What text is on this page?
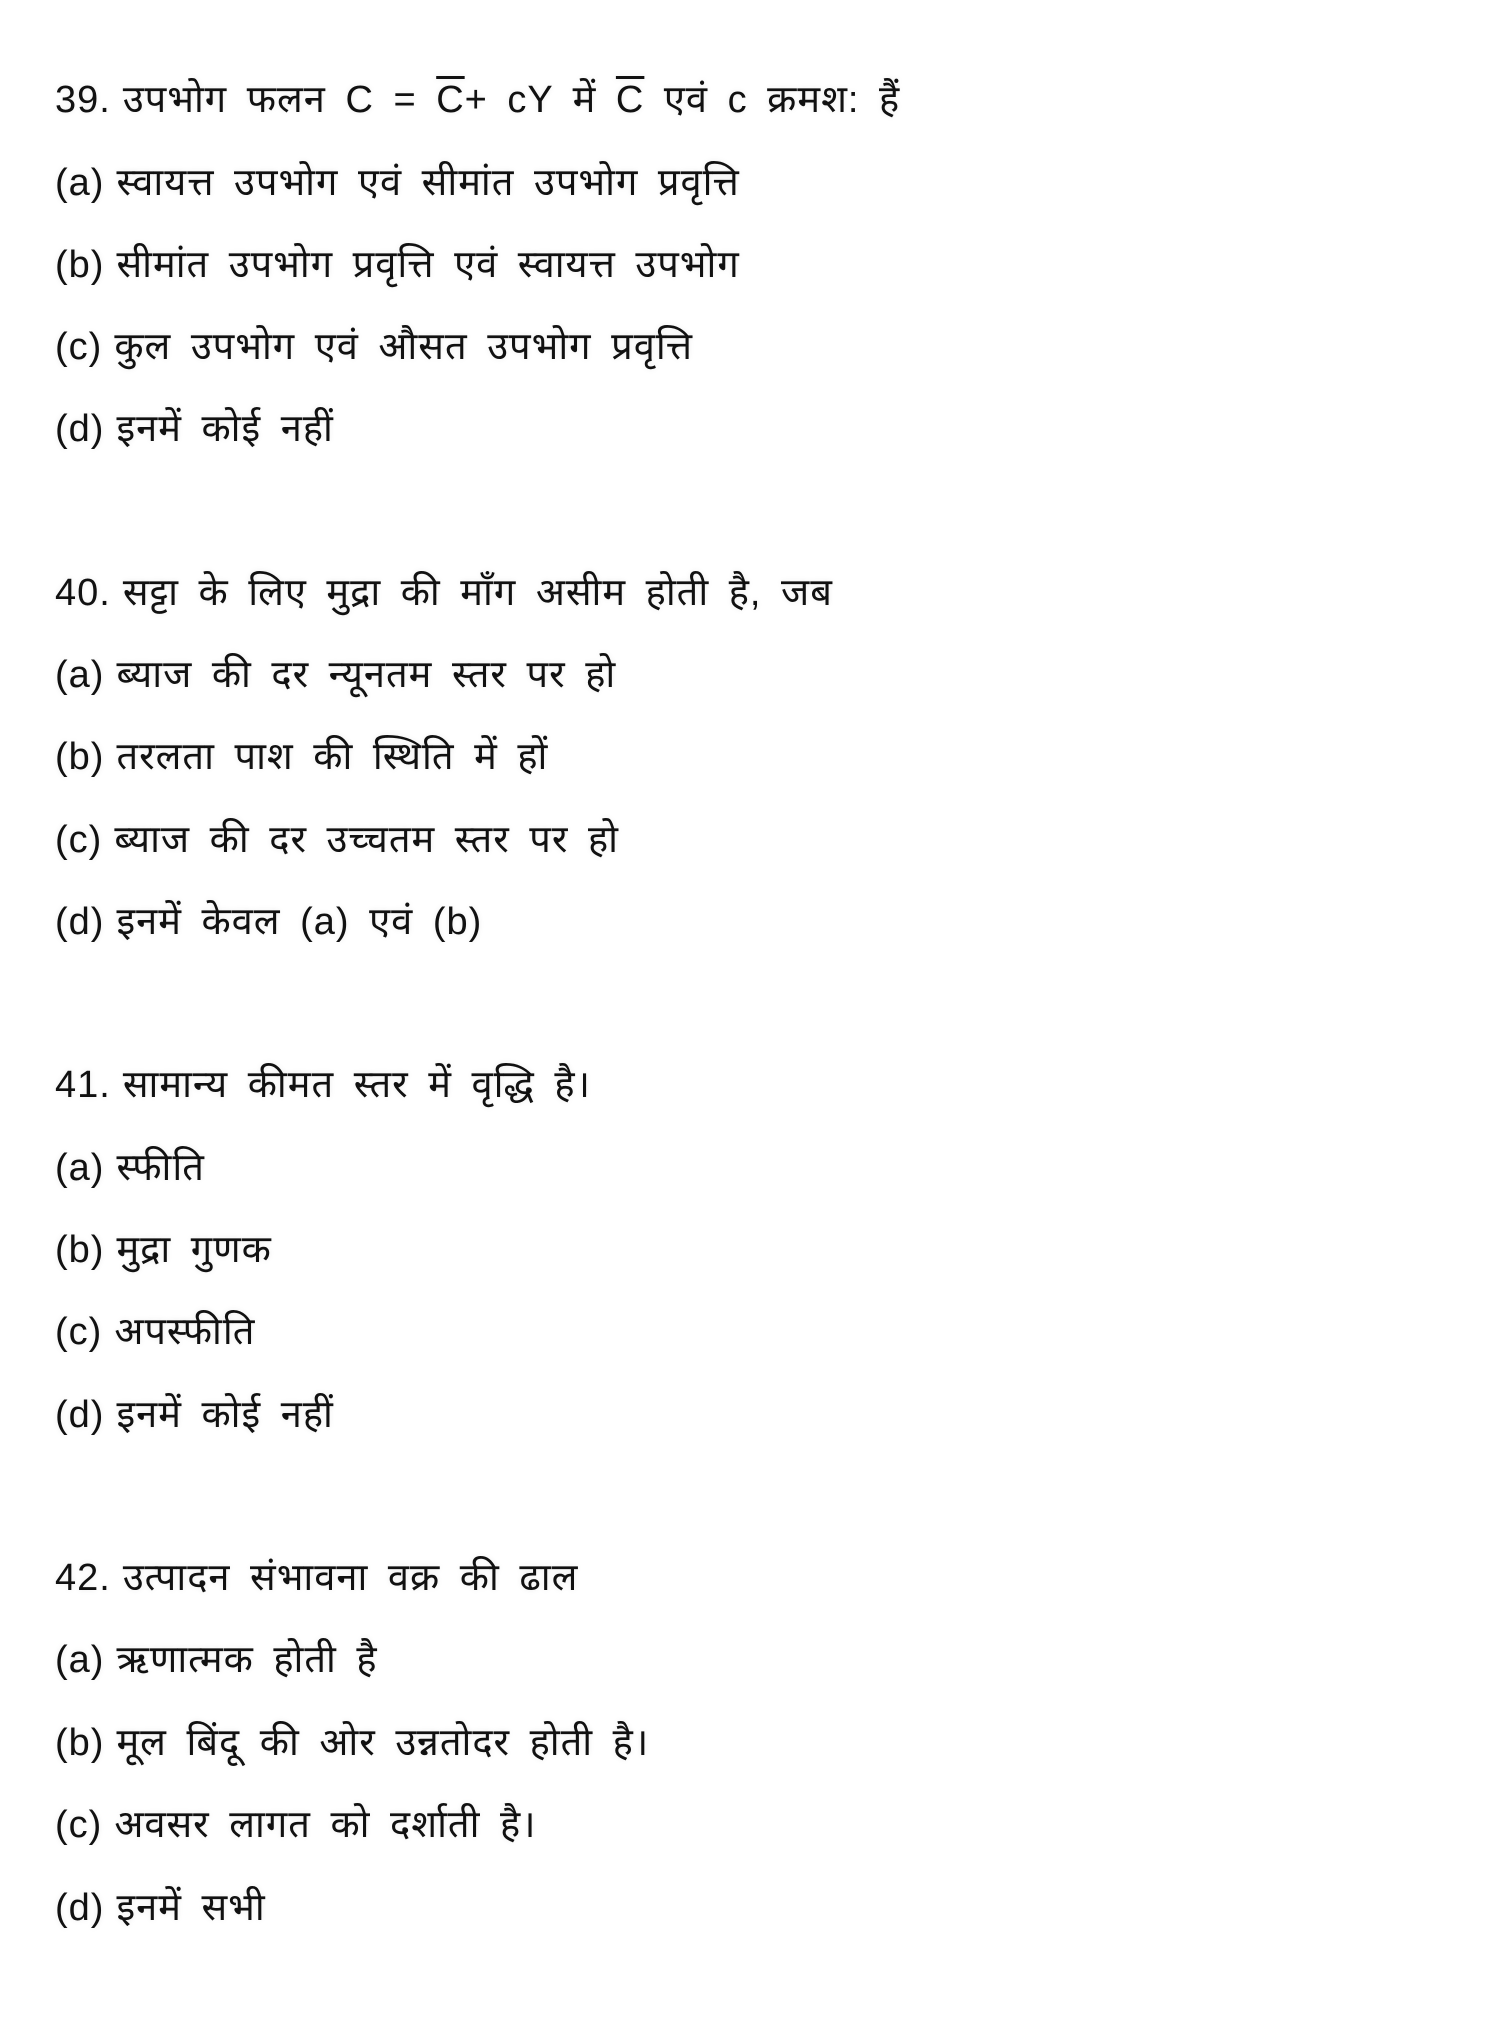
39. उपभोग फलन $C = \overline{C}+$ cY में $\overline{C}$ एवं c क्रमश: हैं
(a) स्वायत्त उपभोग एवं सीमांत उपभोग प्रवृत्ति
(b) सीमांत उपभोग प्रवृत्ति एवं स्वायत्त उपभोग
(c) कुल उपभोग एवं औसत उपभोग प्रवृत्ति
(d) इनमें कोई नहीं
40. सट्टा के लिए मुद्रा की माँग असीम होती है, जब
(a) ब्याज की दर न्यूनतम स्तर पर हो
(b) तरलता पाश की स्थिति में हों
(c) ब्याज की दर उच्चतम स्तर पर हो
(d) इनमें केवल (a) एवं (b)
41. सामान्य कीमत स्तर में वृद्धि है।
(a) स्फीति
(b) मुद्रा गुणक
(c) अपस्फीति
(d) इनमें कोई नहीं
42. उत्पादन संभावना वक्र की ढाल
(a) ऋणात्मक होती है
(b) मूल बिंदू की ओर उन्नतोदर होती है।
(c) अवसर लागत को दर्शाती है।
(d) इनमें सभी
